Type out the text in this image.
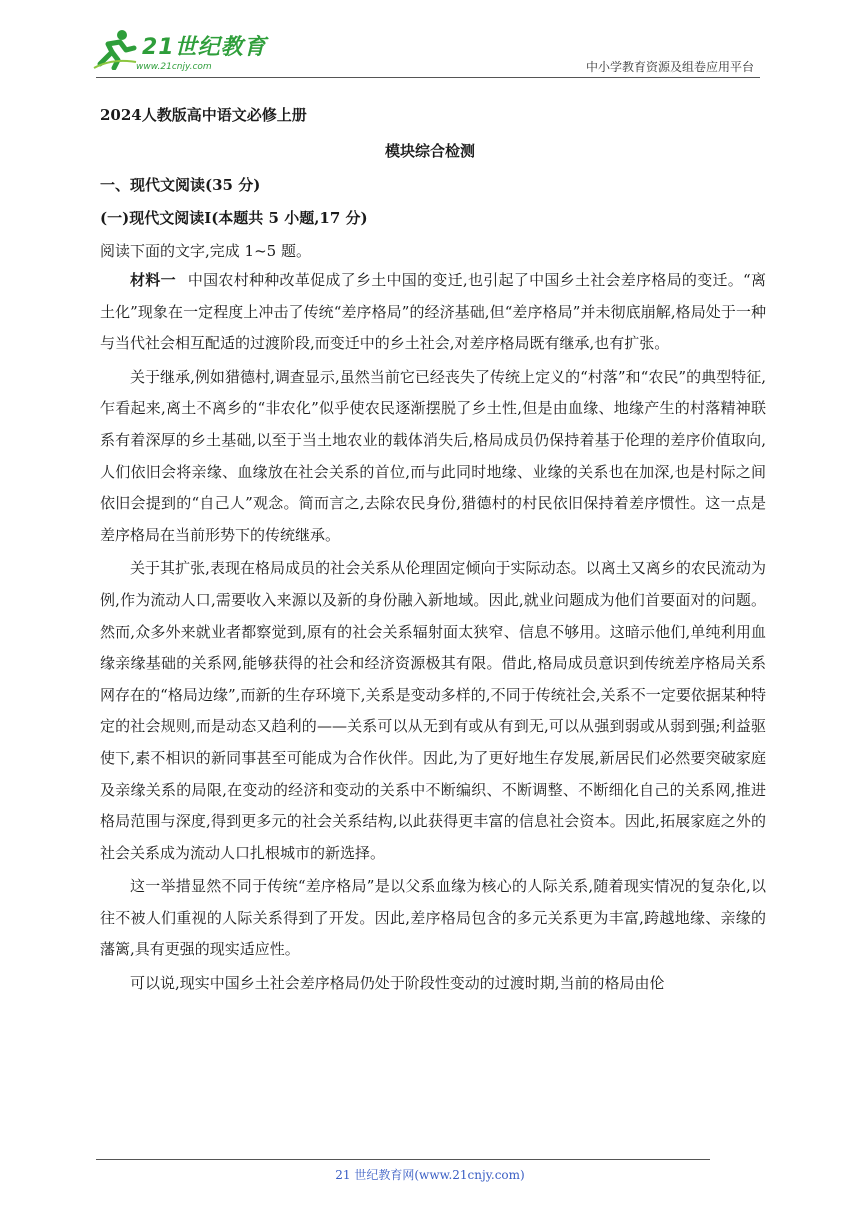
21世纪教育
www.21cnjy.com	中小学教育资源及组卷应用平台
2024人教版高中语文必修上册
模块综合检测
一、现代文阅读(35 分)
(一)现代文阅读Ⅰ(本题共 5 小题,17 分)
阅读下面的文字,完成 1~5 题。

材料一 中国农村种种改革促成了乡土中国的变迁,也引起了中国乡土社会差序格局的变迁。“离土化”现象在一定程度上冲击了传统“差序格局”的经济基础,但“差序格局”并未彻底崩解,格局处于一种与当代社会相互配适的过渡阶段,而变迁中的乡土社会,对差序格局既有继承,也有扩张。

关于继承,例如猎德村,调查显示,虽然当前它已经丧失了传统上定义的“村落”和“农民”的典型特征,乍看起来,离土不离乡的“非农化”似乎使农民逐渐摆脱了乡土性,但是由血缘、地缘产生的村落精神联系有着深厚的乡土基础,以至于当土地农业的载体消失后,格局成员仍保持着基于伦理的差序价值取向,人们依旧会将亲缘、血缘放在社会关系的首位,而与此同时地缘、业缘的关系也在加深,也是村际之间依旧会提到的“自己人”观念。简而言之,去除农民身份,猎德村的村民依旧保持着差序惯性。这一点是差序格局在当前形势下的传统继承。

关于其扩张,表现在格局成员的社会关系从伦理固定倾向于实际动态。以离土又离乡的农民流动为例,作为流动人口,需要收入来源以及新的身份融入新地域。因此,就业问题成为他们首要面对的问题。然而,众多外来就业者都察觉到,原有的社会关系辐射面太狭窄、信息不够用。这暗示他们,单纯利用血缘亲缘基础的关系网,能够获得的社会和经济资源极其有限。借此,格局成员意识到传统差序格局关系网存在的“格局边缘”,而新的生存环境下,关系是变动多样的,不同于传统社会,关系不一定要依据某种特定的社会规则,而是动态又趋利的——关系可以从无到有或从有到无,可以从强到弱或从弱到强;利益驱使下,素不相识的新同事甚至可能成为合作伙伴。因此,为了更好地生存发展,新居民们必然要突破家庭及亲缘关系的局限,在变动的经济和变动的关系中不断编织、不断调整、不断细化自己的关系网,推进格局范围与深度,得到更多元的社会关系结构,以此获得更丰富的信息社会资本。因此,拓展家庭之外的社会关系成为流动人口扎根城市的新选择。

这一举措显然不同于传统“差序格局”是以父系血缘为核心的人际关系,随着现实情况的复杂化,以往不被人们重视的人际关系得到了开发。因此,差序格局包含的多元关系更为丰富,跨越地缘、亲缘的藩篱,具有更强的现实适应性。

可以说,现实中国乡土社会差序格局仍处于阶段性变动的过渡时期,当前的格局由伦

21 世纪教育网(www.21cnjy.com)
